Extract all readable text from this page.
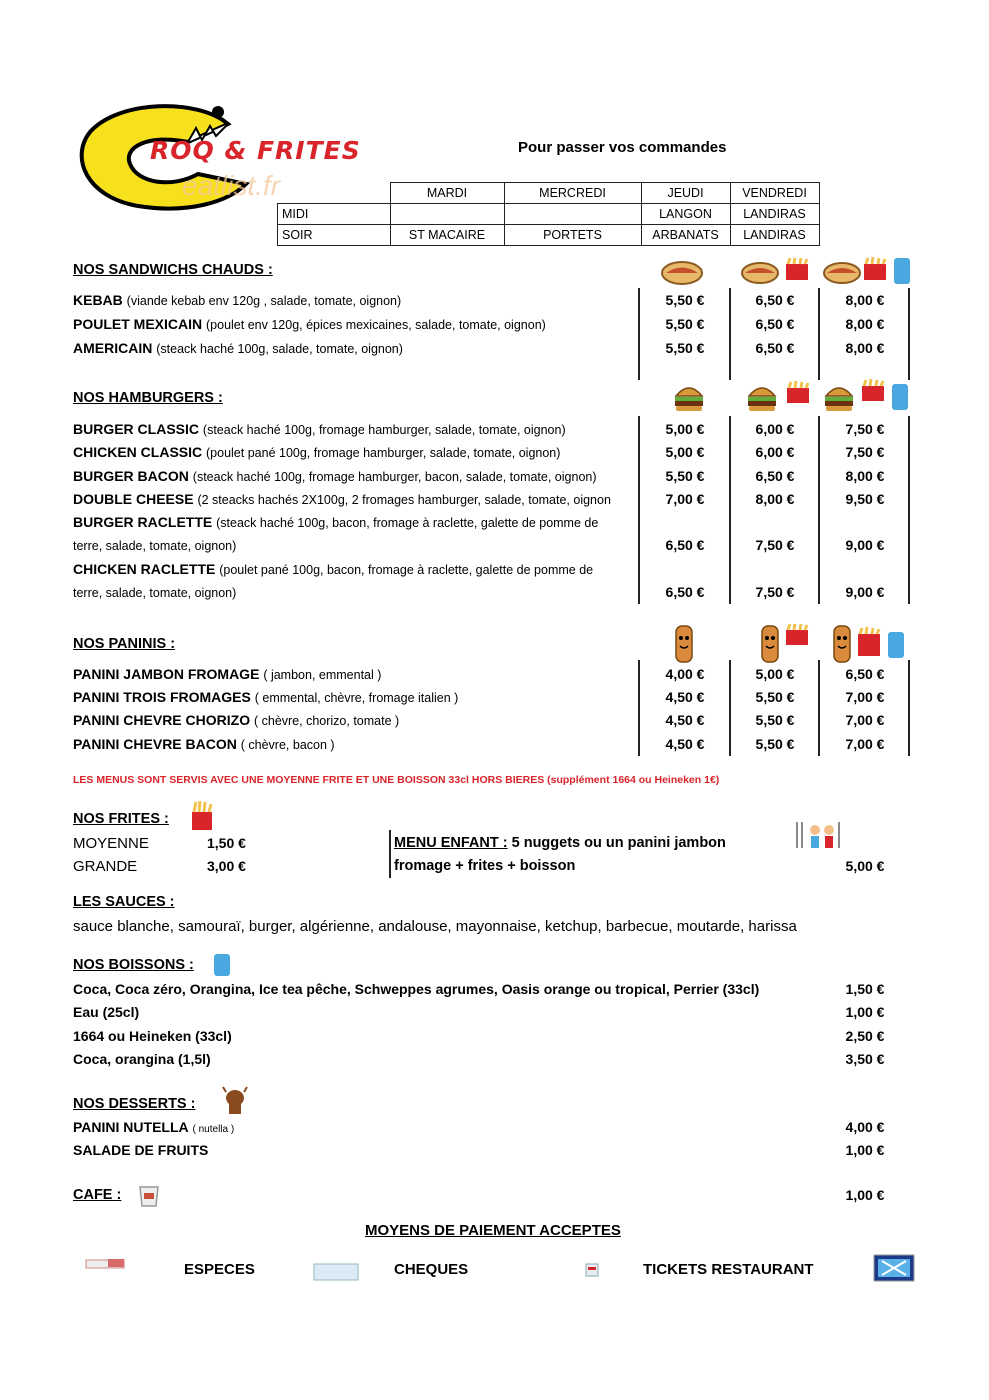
ROQ & FRITES
eatlist.fr
Pour passer vos commandes
	MARDI	MERCREDI	JEUDI	VENDREDI
MIDI			LANGON	LANDIRAS
SOIR	ST MACAIRE	PORTETS	ARBANATS	LANDIRAS
NOS SANDWICHS CHAUDS :
KEBAB (viande kebab env 120g , salade, tomate, oignon)	5,50 €	6,50 €	8,00 €
POULET MEXICAIN (poulet env 120g, épices mexicaines, salade, tomate, oignon)	5,50 €	6,50 €	8,00 €
AMERICAIN (steack haché 100g, salade, tomate, oignon)	5,50 €	6,50 €	8,00 €
NOS HAMBURGERS :
BURGER CLASSIC (steack haché 100g, fromage hamburger, salade, tomate, oignon)	5,00 €	6,00 €	7,50 €
CHICKEN CLASSIC (poulet pané 100g, fromage hamburger, salade, tomate, oignon)	5,00 €	6,00 €	7,50 €
BURGER BACON (steack haché 100g, fromage hamburger, bacon, salade, tomate, oignon)	5,50 €	6,50 €	8,00 €
DOUBLE CHEESE (2 steacks hachés 2X100g, 2 fromages hamburger, salade, tomate, oignon	7,00 €	8,00 €	9,50 €
BURGER RACLETTE (steack haché 100g, bacon, fromage à raclette, galette de pomme de
terre, salade, tomate, oignon)	6,50 €	7,50 €	9,00 €
CHICKEN RACLETTE (poulet pané 100g, bacon, fromage à raclette, galette de pomme de
terre, salade, tomate, oignon)	6,50 €	7,50 €	9,00 €
NOS PANINIS :
PANINI JAMBON FROMAGE ( jambon, emmental )	4,00 €	5,00 €	6,50 €
PANINI TROIS FROMAGES ( emmental, chèvre, fromage italien )	4,50 €	5,50 €	7,00 €
PANINI CHEVRE CHORIZO ( chèvre, chorizo, tomate )	4,50 €	5,50 €	7,00 €
PANINI CHEVRE BACON ( chèvre, bacon )	4,50 €	5,50 €	7,00 €
LES MENUS SONT SERVIS AVEC UNE MOYENNE FRITE ET UNE BOISSON 33cl HORS BIERES (supplément 1664 ou Heineken 1€)
NOS FRITES :
MOYENNE	1,50 €
GRANDE	3,00 €
MENU ENFANT : 5 nuggets ou un panini jambon
fromage + frites + boisson	5,00 €
LES SAUCES :
sauce blanche, samouraï, burger, algérienne, andalouse, mayonnaise, ketchup, barbecue, moutarde, harissa
NOS BOISSONS :
Coca, Coca zéro, Orangina, Ice tea pêche, Schweppes agrumes, Oasis orange ou tropical, Perrier (33cl)	1,50 €
Eau (25cl)	1,00 €
1664 ou Heineken (33cl)	2,50 €
Coca, orangina (1,5l)	3,50 €
NOS DESSERTS :
PANINI NUTELLA ( nutella )	4,00 €
SALADE DE FRUITS	1,00 €
CAFE :	1,00 €
MOYENS DE PAIEMENT ACCEPTES
ESPECES	CHEQUES	TICKETS RESTAURANT
